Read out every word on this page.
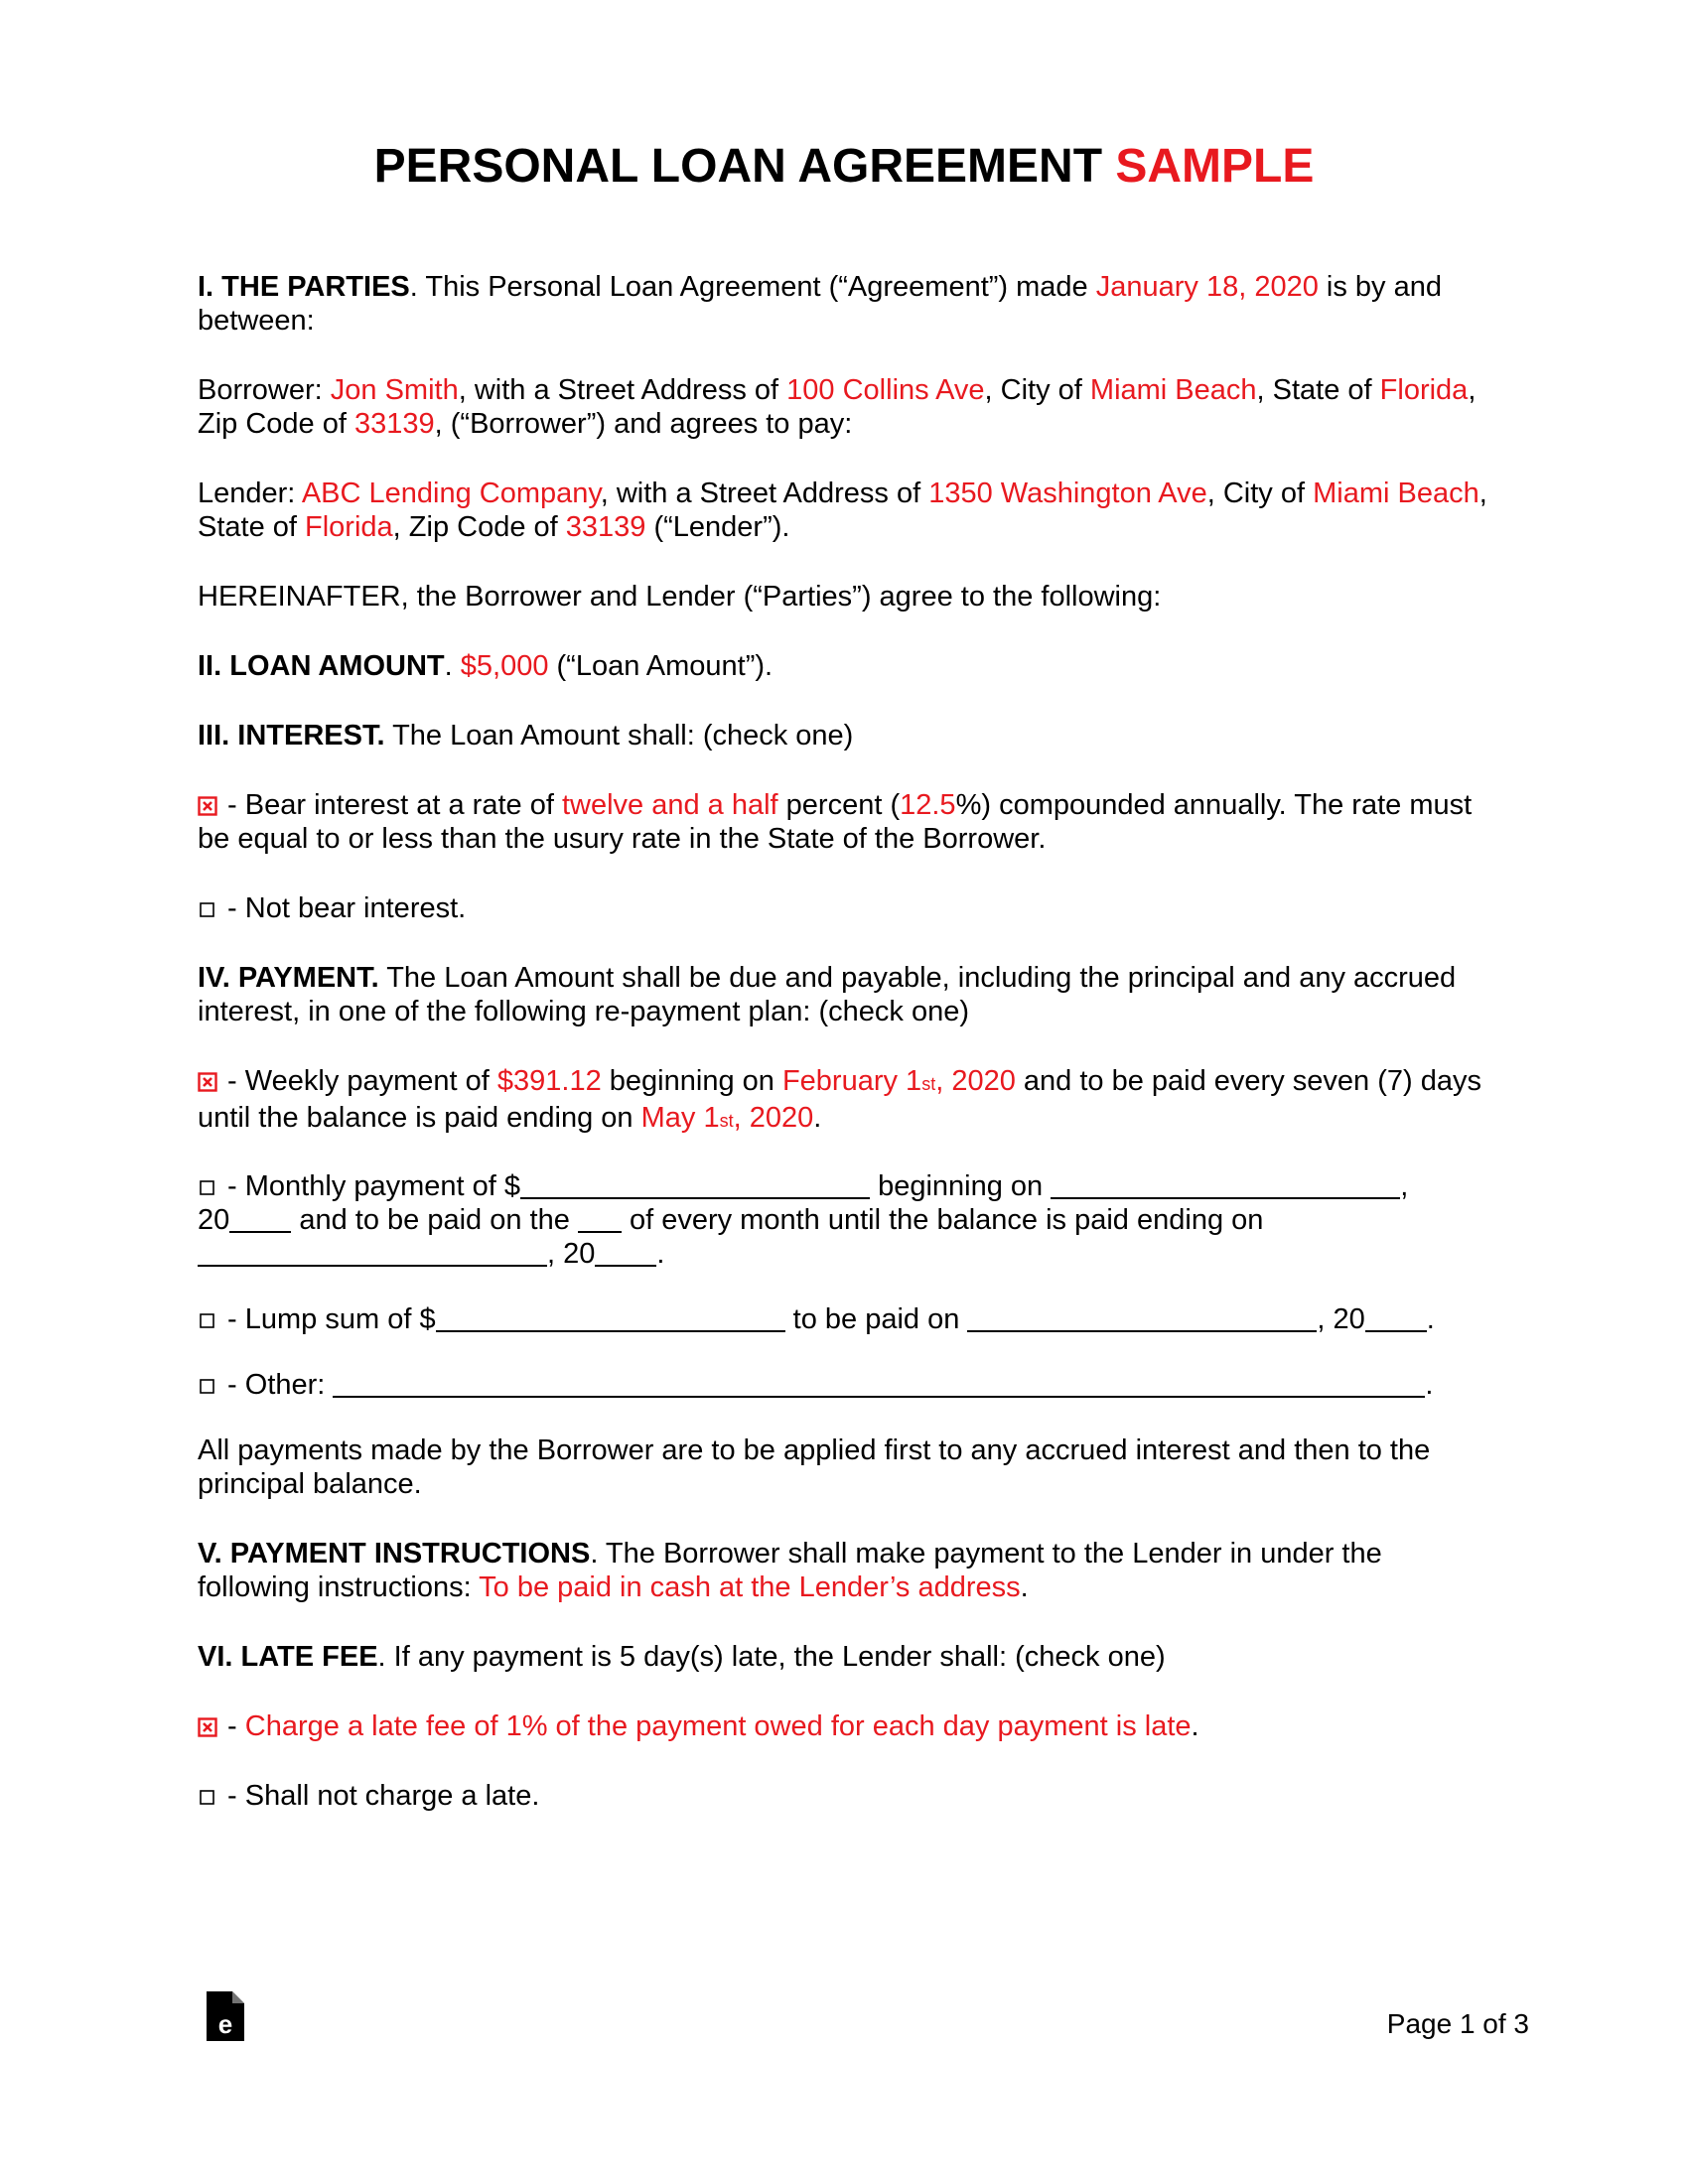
PERSONAL LOAN AGREEMENT SAMPLE

I. THE PARTIES. This Personal Loan Agreement (“Agreement”) made January 18, 2020 is by and between:

Borrower: Jon Smith, with a Street Address of 100 Collins Ave, City of Miami Beach, State of Florida, Zip Code of 33139, (“Borrower”) and agrees to pay:

Lender: ABC Lending Company, with a Street Address of 1350 Washington Ave, City of Miami Beach, State of Florida, Zip Code of 33139 (“Lender”).

HEREINAFTER, the Borrower and Lender (“Parties”) agree to the following:

II. LOAN AMOUNT. $5,000 (“Loan Amount”).

III. INTEREST. The Loan Amount shall: (check one)

- Bear interest at a rate of twelve and a half percent (12.5%) compounded annually. The rate must be equal to or less than the usury rate in the State of the Borrower.

- Not bear interest.

IV. PAYMENT. The Loan Amount shall be due and payable, including the principal and any accrued interest, in one of the following re-payment plan: (check one)

- Weekly payment of $391.12 beginning on February 1st, 2020 and to be paid every seven (7) days until the balance is paid ending on May 1st, 2020.

- Monthly payment of $	beginning on	,
20 and to be paid on the  of every month until the balance is paid ending on
, 20 .

- Lump sum of $	to be paid on	, 20 .

- Other:	.

All payments made by the Borrower are to be applied first to any accrued interest and then to the principal balance.

V. PAYMENT INSTRUCTIONS. The Borrower shall make payment to the Lender in under the following instructions: To be paid in cash at the Lender’s address.

VI. LATE FEE. If any payment is 5 day(s) late, the Lender shall: (check one)

- Charge a late fee of 1% of the payment owed for each day payment is late.

- Shall not charge a late.

e	Page 1 of 3
